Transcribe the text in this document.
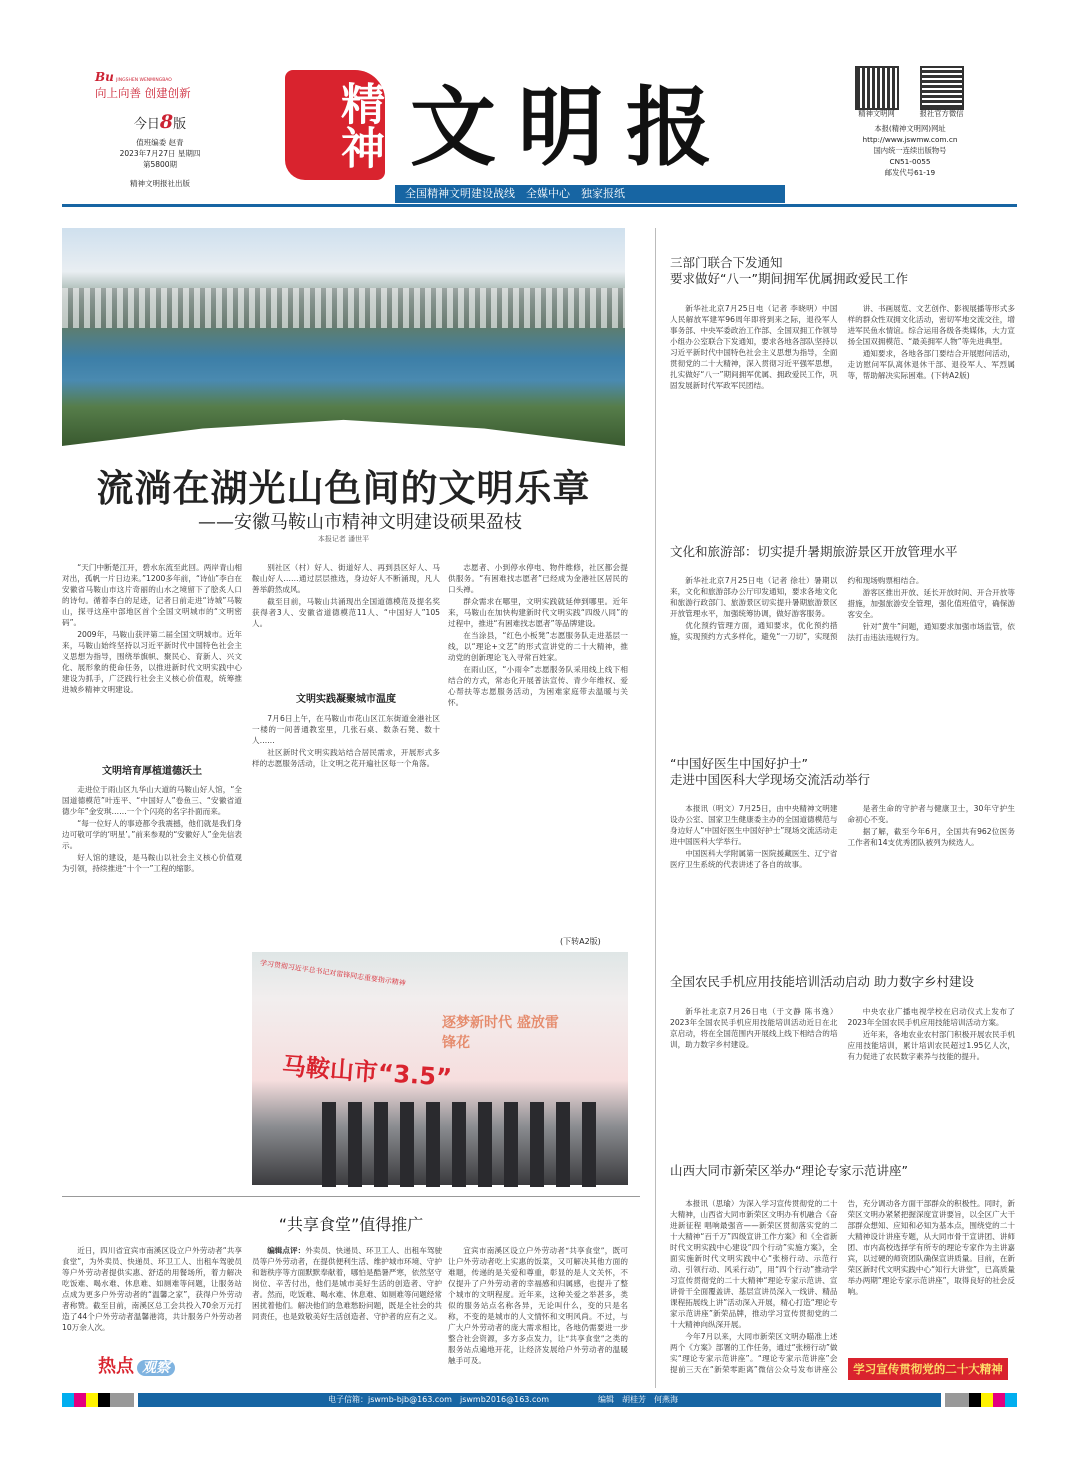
Bu JINGSHEN WENMINGBAO
向上向善 创建创新
今日8版
值班编委 赵青
2023年7月27日 星期四
第5800期
精神文明报社出版
精神 文明报
全国精神文明建设战线　全媒中心　独家报纸
精神文明网	报社官方微信
本报(精神文明网)网址
http://www.jswmw.com.cn
国内统一连续出版物号
CN51-0055
邮发代号61-19
流淌在湖光山色间的文明乐章
——安徽马鞍山市精神文明建设硕果盈枝
本报记者 潘世平

“天门中断楚江开，碧水东流至此回。两岸青山相对出，孤帆一片日边来。”1200多年前，“诗仙”李白在安徽省马鞍山市这片奇丽的山水之境留下了脍炙人口的诗句。循着李白的足迹，记者日前走进“诗城”马鞍山，探寻这座中部地区首个全国文明城市的“文明密码”。

2009年，马鞍山获评第二届全国文明城市。近年来，马鞍山始终坚持以习近平新时代中国特色社会主义思想为指导，围绕举旗帜、聚民心、育新人、兴文化、展形象的使命任务，以推进新时代文明实践中心建设为抓手，广泛践行社会主义核心价值观，统筹推进城乡精神文明建设。

文明培育厚植道德沃土

走进位于雨山区九华山大道的马鞍山好人馆，“全国道德模范”叶连平、“中国好人”卷鱼三、“安徽省道德少年”金安琪……一个个闪亮的名字扑面而来。

“每一位好人的事迹都令我震撼，他们就是我们身边可敬可学的‘明星’。”前来参观的“安徽好人”金先信表示。

好人馆的建设，是马鞍山以社会主义核心价值观为引领，持续推进“十个一”工程的缩影。

别社区（村）好人、街道好人、再到县区好人、马鞍山好人……通过层层推选，身边好人不断涌现，凡人善举蔚然成风。

截至目前，马鞍山共涌现出全国道德模范及提名奖获得者3人、安徽省道德模范11人、“中国好人”105人。

文明实践凝聚城市温度

7月6日上午，在马鞍山市花山区江东街道金港社区一楼的一间普通教室里，几张石桌、数条石凳、数十人……

社区新时代文明实践站结合居民需求，开展形式多样的志愿服务活动，让文明之花开遍社区每一个角落。

志愿者、小到停水停电、物件维修，社区都会提供服务。“有困难找志愿者”已经成为金港社区居民的口头禅。

群众需求在哪里，文明实践就延伸到哪里。近年来，马鞍山在加快构建新时代文明实践“四级八同”的过程中，推进“有困难找志愿者”等品牌建设。

在当涂县，“红色小板凳”志愿服务队走进基层一线，以“理论+文艺”的形式宣讲党的二十大精神，推动党的创新理论飞入寻常百姓家。

在雨山区，“小雨伞”志愿服务队采用线上线下相结合的方式，常态化开展普法宣传、青少年维权、爱心帮扶等志愿服务活动，为困难家庭带去温暖与关怀。

(下转A2版)
学习贯彻习近平总书记对雷锋同志重要指示精神
逐梦新时代 盛放雷锋花
马鞍山市“3.5”
“共享食堂”值得推广

近日，四川省宜宾市南溪区设立户外劳动者“共享食堂”，为外卖员、快递员、环卫工人、出租车驾驶员等户外劳动者提供实惠、舒适的用餐场所，着力解决吃饭难、喝水难、休息难、如厕难等问题，让服务站点成为更多户外劳动者的“温馨之家”，获得户外劳动者称赞。截至目前，南溪区总工会共投入70余万元打造了44个户外劳动者温馨港湾，共计服务户外劳动者10万余人次。

热点 观察

编辑点评：外卖员、快递员、环卫工人、出租车驾驶员等户外劳动者，在提供便利生活、维护城市环境、守护和谐秩序等方面默默奉献着，哪怕是酷暑严寒，依然坚守岗位、辛苦付出，他们是城市美好生活的创造者、守护者。然而，吃饭难、喝水难、休息难、如厕难等问题经常困扰着他们。解决他们的急难愁盼问题，既是全社会的共同责任，也是致敬美好生活创造者、守护者的应有之义。

宜宾市南溪区设立户外劳动者“共享食堂”，既可让户外劳动者吃上实惠的饭菜，又可解决其他方面的难题，传递的是关爱和尊重，彰显的是人文关怀，不仅提升了户外劳动者的幸福感和归属感，也提升了整个城市的文明程度。近年来，这种关爱之举甚多，类似的服务站点名称各异，无论叫什么，变的只是名称，不变的是城市的人文情怀和文明风尚。不过，与广大户外劳动者的庞大需求相比，各地仍需要进一步整合社会资源，多方多点发力，让“共享食堂”之类的服务站点遍地开花，让经济发展给户外劳动者的温暖触手可及。

三部门联合下发通知
要求做好“八一”期间拥军优属拥政爱民工作

新华社北京7月25日电（记者 李晓明）中国人民解放军建军96周年即将到来之际，退役军人事务部、中央军委政治工作部、全国双拥工作领导小组办公室联合下发通知，要求各地各部队坚持以习近平新时代中国特色社会主义思想为指导，全面贯彻党的二十大精神，深入贯彻习近平强军思想，扎实做好“八一”期间拥军优属、拥政爱民工作，巩固发展新时代军政军民团结。

讲、书画展览、文艺创作、影视展播等形式多样的群众性双拥文化活动，密切军地交流交往，增进军民鱼水情谊。综合运用各级各类媒体，大力宣扬全国双拥模范、“最美拥军人物”等先进典型。

通知要求，各地各部门要结合开展慰问活动，走访慰问军队离休退休干部、退役军人、军烈属等，帮助解决实际困难。(下转A2版)

文化和旅游部：切实提升暑期旅游景区开放管理水平

新华社北京7月25日电（记者 徐壮）暑期以来，文化和旅游部办公厅印发通知，要求各地文化和旅游行政部门、旅游景区切实提升暑期旅游景区开放管理水平，加强统筹协调，做好游客服务。

优化预约管理方面，通知要求，优化预约措施，实现预约方式多样化，避免“一刀切”，实现预约和现场购票相结合。

游客区推出开放、延长开放时间、开合开放等措施，加强旅游安全管理，强化值班值守，确保游客安全。

针对“黄牛”问题，通知要求加强市场监管，依法打击违法违规行为。

“中国好医生中国好护士”
走进中国医科大学现场交流活动举行

本报讯（明文）7月25日，由中央精神文明建设办公室、国家卫生健康委主办的全国道德模范与身边好人“中国好医生中国好护士”现场交流活动走进中国医科大学举行。

中国医科大学附属第一医院援藏医生、辽宁省医疗卫生系统的代表讲述了各自的故事。

是者生命的守护者与健康卫士，30年守护生命初心不变。

据了解，截至今年6月，全国共有962位医务工作者和14支优秀团队被列为候选人。

全国农民手机应用技能培训活动启动 助力数字乡村建设

新华社北京7月26日电（于文静 陈书逸）2023年全国农民手机应用技能培训活动近日在北京启动，将在全国范围内开展线上线下相结合的培训，助力数字乡村建设。

中央农业广播电视学校在启动仪式上发布了2023年全国农民手机应用技能培训活动方案。

近年来，各地农业农村部门积极开展农民手机应用技能培训，累计培训农民超过1.95亿人次，有力促进了农民数字素养与技能的提升。

山西大同市新荣区举办“理论专家示范讲座”

本报讯（思瑜）为深入学习宣传贯彻党的二十大精神，山西省大同市新荣区文明办有机融合《奋进新征程 唱响最强音——新荣区贯彻落实党的二十大精神“百千万”四级宣讲工作方案》和《全省新时代文明实践中心建设“四个行动”实施方案》，全面实施新时代文明实践中心“张榜行动、示范行动、引领行动、风采行动”，用“四个行动”推动学习宣传贯彻党的二十大精神“理论专家示范讲、宣讲骨干全面覆盖讲、基层宣讲员深入一线讲、精品课程拓展线上讲”活动深入开展，精心打造“理论专家示范讲座”新荣品牌，推动学习宣传贯彻党的二十大精神向纵深开展。

今年7月以来，大同市新荣区文明办瞄准上述两个《方案》部署的工作任务，通过“张榜行动”做实“理论专家示范讲座”。“理论专家示范讲座”会提前三天在“新荣零距离”微信公众号发布讲座公告，充分调动各方面干部群众的积极性。同时，新荣区文明办紧紧把握深度宣讲要旨，以全区广大干部群众想知、应知和必知为基本点，围绕党的二十大精神设计讲座专题，从大同市骨干宣讲团、讲师团、市内高校选择学有所专的理论专家作为主讲嘉宾，以过硬的师资团队确保宣讲质量。目前，在新荣区新时代文明实践中心“知行大讲堂”，已高质量举办两期“理论专家示范讲座”，取得良好的社会反响。

学习宣传贯彻党的二十大精神
电子信箱：jswmb-bjb@163.com　jswmb2016@163.com	编辑　胡桂芳　何燕海
